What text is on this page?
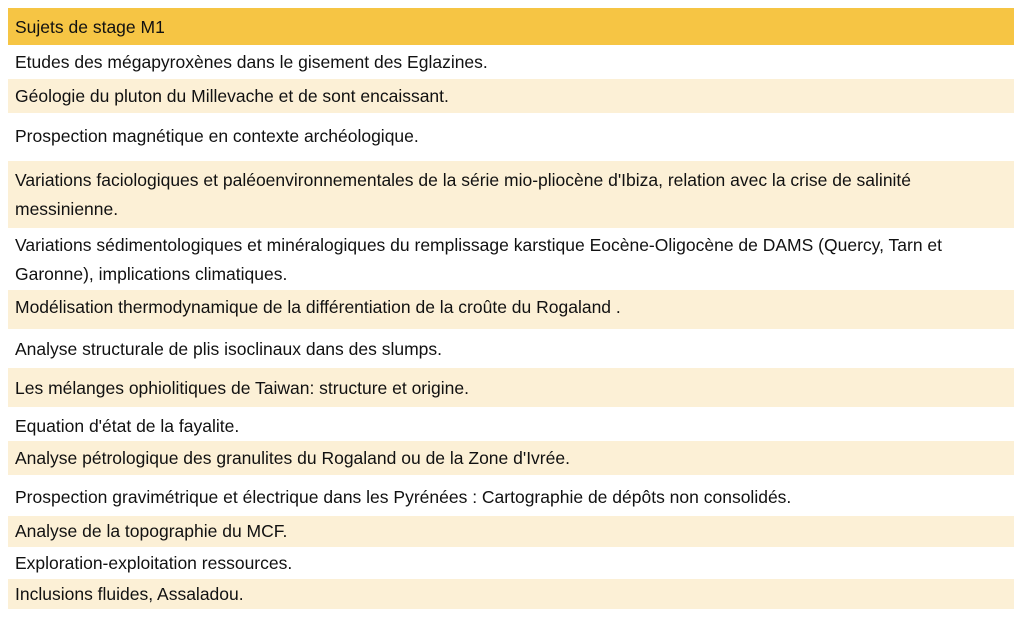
Sujets de stage M1
Etudes des mégapyroxènes dans le gisement des Eglazines.
Géologie du pluton du Millevache et de sont encaissant.
Prospection magnétique en contexte archéologique.
Variations faciologiques et paléoenvironnementales de la série mio-pliocène d'Ibiza, relation avec la crise de salinité messinienne.
Variations sédimentologiques et minéralogiques du remplissage karstique Eocène-Oligocène de DAMS (Quercy, Tarn et Garonne), implications climatiques.
Modélisation thermodynamique de la différentiation de la croûte du Rogaland .
Analyse structurale de plis isoclinaux dans des slumps.
Les mélanges ophiolitiques de Taiwan: structure et origine.
Equation d'état de la fayalite.
Analyse pétrologique des granulites du Rogaland ou de la Zone d'Ivrée.
Prospection gravimétrique et électrique dans les Pyrénées : Cartographie de dépôts non consolidés.
Analyse de la topographie du MCF.
Exploration-exploitation ressources.
Inclusions fluides, Assaladou.
